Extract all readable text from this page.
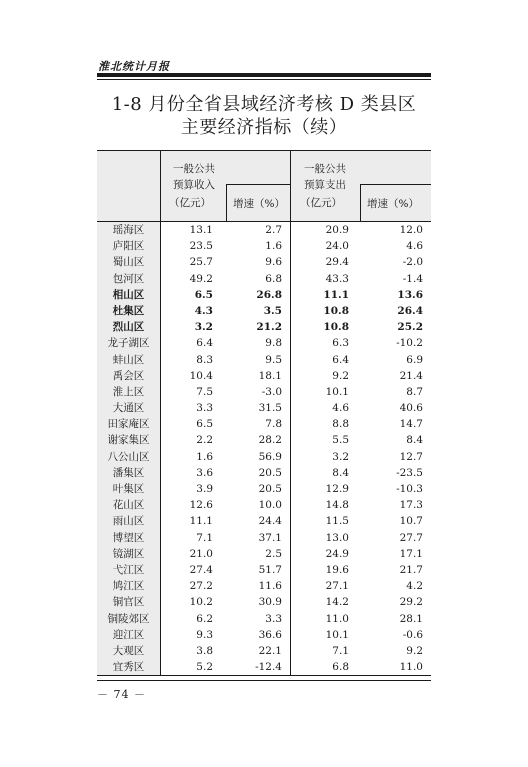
淮北统计月报
1-8 月份全省县域经济考核 D 类县区
主要经济指标（续）
一般公共
预算收入
（亿元） 增速（%）
一般公共
预算支出
（亿元） 增速（%）
瑶海区	13.1	2.7	20.9	12.0
庐阳区	23.5	1.6	24.0	4.6
蜀山区	25.7	9.6	29.4	-2.0
包河区	49.2	6.8	43.3	-1.4
相山区	6.5	26.8	11.1	13.6
杜集区	4.3	3.5	10.8	26.4
烈山区	3.2	21.2	10.8	25.2
龙子湖区	6.4	9.8	6.3	-10.2
蚌山区	8.3	9.5	6.4	6.9
禹会区	10.4	18.1	9.2	21.4
淮上区	7.5	-3.0	10.1	8.7
大通区	3.3	31.5	4.6	40.6
田家庵区	6.5	7.8	8.8	14.7
谢家集区	2.2	28.2	5.5	8.4
八公山区	1.6	56.9	3.2	12.7
潘集区	3.6	20.5	8.4	-23.5
叶集区	3.9	20.5	12.9	-10.3
花山区	12.6	10.0	14.8	17.3
雨山区	11.1	24.4	11.5	10.7
博望区	7.1	37.1	13.0	27.7
镜湖区	21.0	2.5	24.9	17.1
弋江区	27.4	51.7	19.6	21.7
鸠江区	27.2	11.6	27.1	4.2
铜官区	10.2	30.9	14.2	29.2
铜陵郊区	6.2	3.3	11.0	28.1
迎江区	9.3	36.6	10.1	-0.6
大观区	3.8	22.1	7.1	9.2
宜秀区	5.2	-12.4	6.8	11.0
－ 74 －
